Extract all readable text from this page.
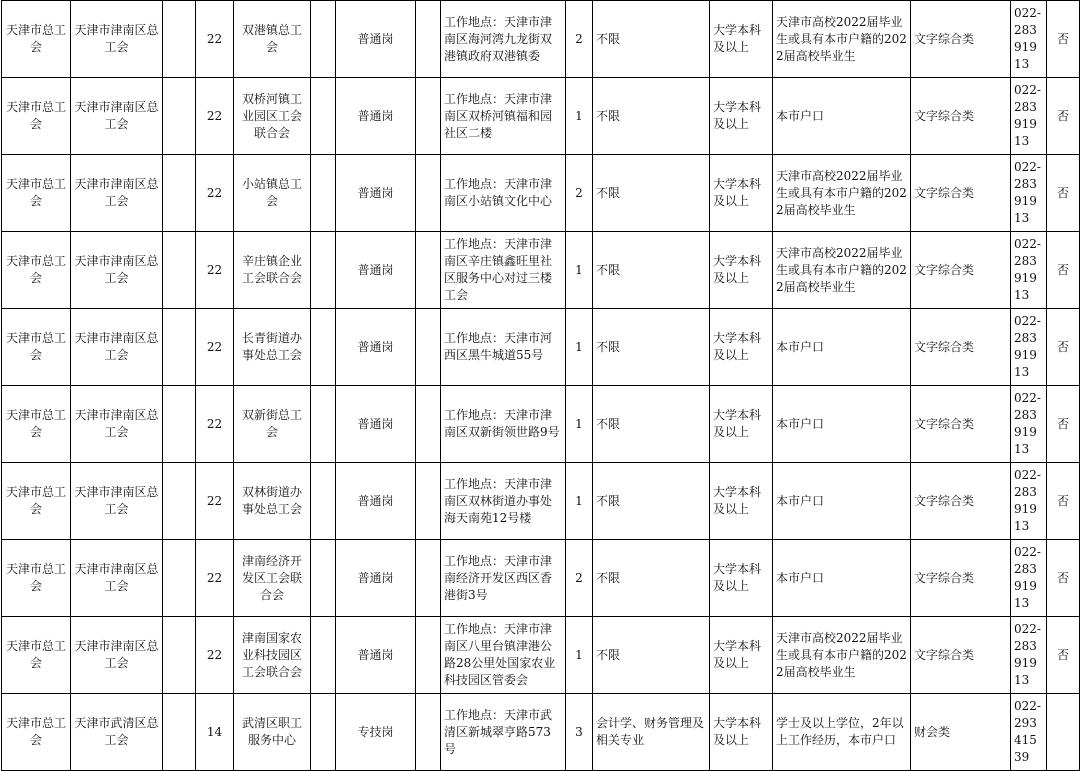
天津市总工会	天津市津南区总工会		22	双港镇总工会		普通岗		工作地点：天津市津南区海河湾九龙街双港镇政府双港镇委	2	不限	大学本科及以上	天津市高校2022届毕业生或具有本市户籍的2022届高校毕业生	文字综合类	022-28391913	否
天津市总工会	天津市津南区总工会		22	双桥河镇工业园区工会联合会		普通岗		工作地点：天津市津南区双桥河镇福和园社区二楼	1	不限	大学本科及以上	本市户口	文字综合类	022-28391913	否
天津市总工会	天津市津南区总工会		22	小站镇总工会		普通岗		工作地点：天津市津南区小站镇文化中心	2	不限	大学本科及以上	天津市高校2022届毕业生或具有本市户籍的2022届高校毕业生	文字综合类	022-28391913	否
天津市总工会	天津市津南区总工会		22	辛庄镇企业工会联合会		普通岗		工作地点：天津市津南区辛庄镇鑫旺里社区服务中心对过三楼工会	1	不限	大学本科及以上	天津市高校2022届毕业生或具有本市户籍的2022届高校毕业生	文字综合类	022-28391913	否
天津市总工会	天津市津南区总工会		22	长青街道办事处总工会		普通岗		工作地点：天津市河西区黑牛城道55号	1	不限	大学本科及以上	本市户口	文字综合类	022-28391913	否
天津市总工会	天津市津南区总工会		22	双新街总工会		普通岗		工作地点：天津市津南区双新街领世路9号	1	不限	大学本科及以上	本市户口	文字综合类	022-28391913	否
天津市总工会	天津市津南区总工会		22	双林街道办事处总工会		普通岗		工作地点：天津市津南区双林街道办事处海天南苑12号楼	1	不限	大学本科及以上	本市户口	文字综合类	022-28391913	否
天津市总工会	天津市津南区总工会		22	津南经济开发区工会联合会		普通岗		工作地点：天津市津南经济开发区西区香港街3号	2	不限	大学本科及以上	本市户口	文字综合类	022-28391913	否
天津市总工会	天津市津南区总工会		22	津南国家农业科技园区工会联合会		普通岗		工作地点：天津市津南区八里台镇津港公路28公里处国家农业科技园区管委会	1	不限	大学本科及以上	天津市高校2022届毕业生或具有本市户籍的2022届高校毕业生	文字综合类	022-28391913	否
天津市总工会	天津市武清区总工会		14	武清区职工服务中心		专技岗		工作地点：天津市武清区新城翠亨路573号	3	会计学、财务管理及相关专业	大学本科及以上	学士及以上学位，2年以上工作经历，本市户口	财会类	022-29341539	
